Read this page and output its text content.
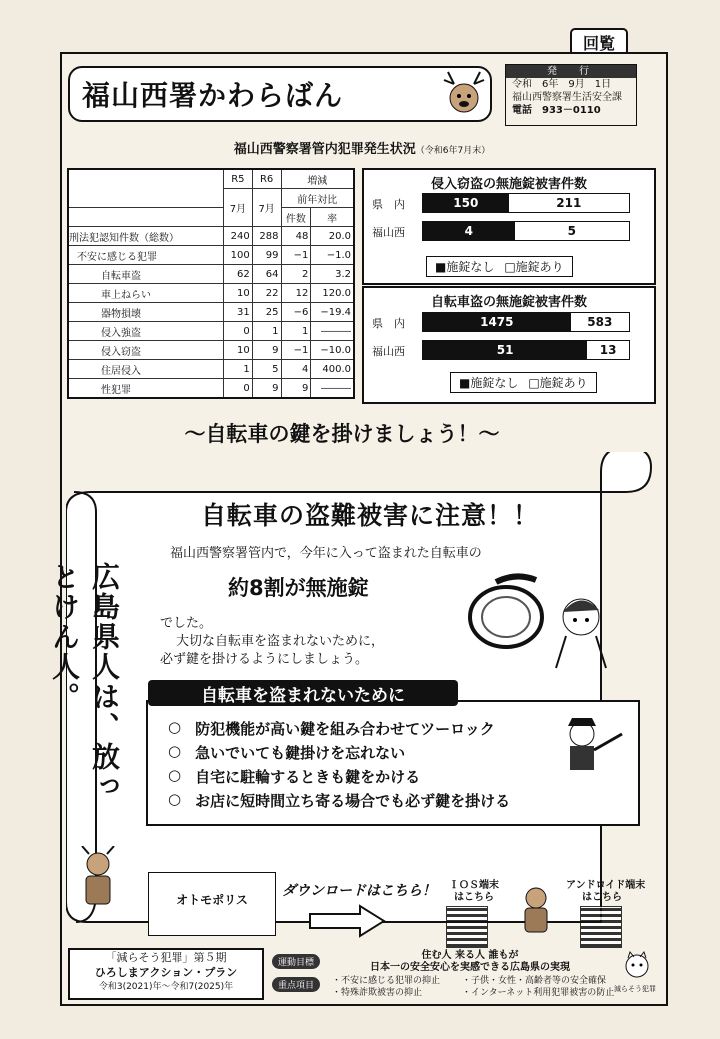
回覧
福山西署かわらばん
発　行
令和　6年　9月　1日
福山西警察署生活安全課
電話　933－0110
福山西警察署管内犯罪発生状況（令和6年7月末）
	R5	R6	増減	
	7月	7月	前年対比	
			件数	率
刑法犯認知件数（総数）	240	288	48	20.0
不安に感じる犯罪	100	99	−1	−1.0
自転車盗	62	64	2	3.2
車上ねらい	10	22	12	120.0
器物損壊	31	25	−6	−19.4
侵入強盗	0	1	1	―――
侵入窃盗	10	9	−1	−10.0
住居侵入	1	5	4	400.0
性犯罪	0	9	9	―――
侵入窃盗の無施錠被害件数
自転車盗の無施錠被害件数
県　内	150	211
福山西	4	5
■施錠なし □施錠あり
県　内	1475	583
福山西	51	13
■施錠なし □施錠あり
～自転車の鍵を掛けましょう！～
自転車の盗難被害に注意！！
福山西警察署管内で，今年に入って盗まれた自転車の
約8割が無施錠
でした。
大切な自転車を盗まれないために，
必ず鍵を掛けるようにしましょう。
広島県人は、放っとけん人。	自転車を盗まれないために
○ 防犯機能が高い鍵を組み合わせてツーロック
○ 急いでいても鍵掛けを忘れない
○ 自宅に駐輪するときも鍵をかける
○ お店に短時間立ち寄る場合でも必ず鍵を掛ける
オトモポリス
ダウンロードはこちら！	ＩＯＳ端末
はこちら
アンドロイド端末
はこちら
「減らそう犯罪」第５期
ひろしまアクション・プラン
令和3(2021)年～令和7(2025)年
運動目標
住む人 来る人 誰もが
日本一の安全安心を実感できる広島県の実現
重点項目	・不安に感じる犯罪の抑止
・特殊詐欺被害の抑止
・子供・女性・高齢者等の安全確保
・インターネット利用犯罪被害の防止 減らそう犯罪
